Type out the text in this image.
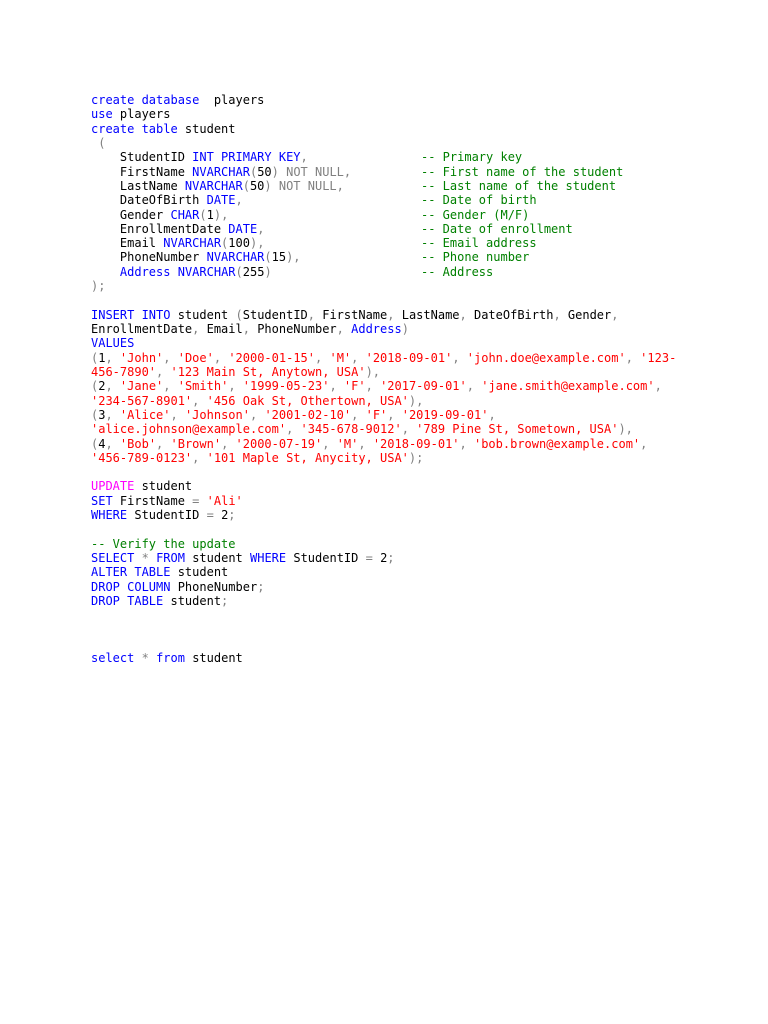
create database  players
use players
create table student
(
StudentID INT PRIMARY KEY,	-- Primary key
FirstName NVARCHAR(50) NOT NULL,	-- First name of the student
LastName NVARCHAR(50) NOT NULL,	-- Last name of the student
DateOfBirth DATE,	-- Date of birth
Gender CHAR(1),	-- Gender (M/F)
EnrollmentDate DATE,	-- Date of enrollment
Email NVARCHAR(100),	-- Email address
PhoneNumber NVARCHAR(15),	-- Phone number
Address NVARCHAR(255)	-- Address
);
INSERT INTO student (StudentID, FirstName, LastName, DateOfBirth, Gender,
EnrollmentDate, Email, PhoneNumber, Address)
VALUES
(1, 'John', 'Doe', '2000-01-15', 'M', '2018-09-01', 'john.doe@example.com', '123-
456-7890', '123 Main St, Anytown, USA'),
(2, 'Jane', 'Smith', '1999-05-23', 'F', '2017-09-01', 'jane.smith@example.com',
'234-567-8901', '456 Oak St, Othertown, USA'),
(3, 'Alice', 'Johnson', '2001-02-10', 'F', '2019-09-01',
'alice.johnson@example.com', '345-678-9012', '789 Pine St, Sometown, USA'),
(4, 'Bob', 'Brown', '2000-07-19', 'M', '2018-09-01', 'bob.brown@example.com',
'456-789-0123', '101 Maple St, Anycity, USA');
UPDATE student
SET FirstName = 'Ali'
WHERE StudentID = 2;
-- Verify the update
SELECT * FROM student WHERE StudentID = 2;
ALTER TABLE student
DROP COLUMN PhoneNumber;
DROP TABLE student;
select * from student
